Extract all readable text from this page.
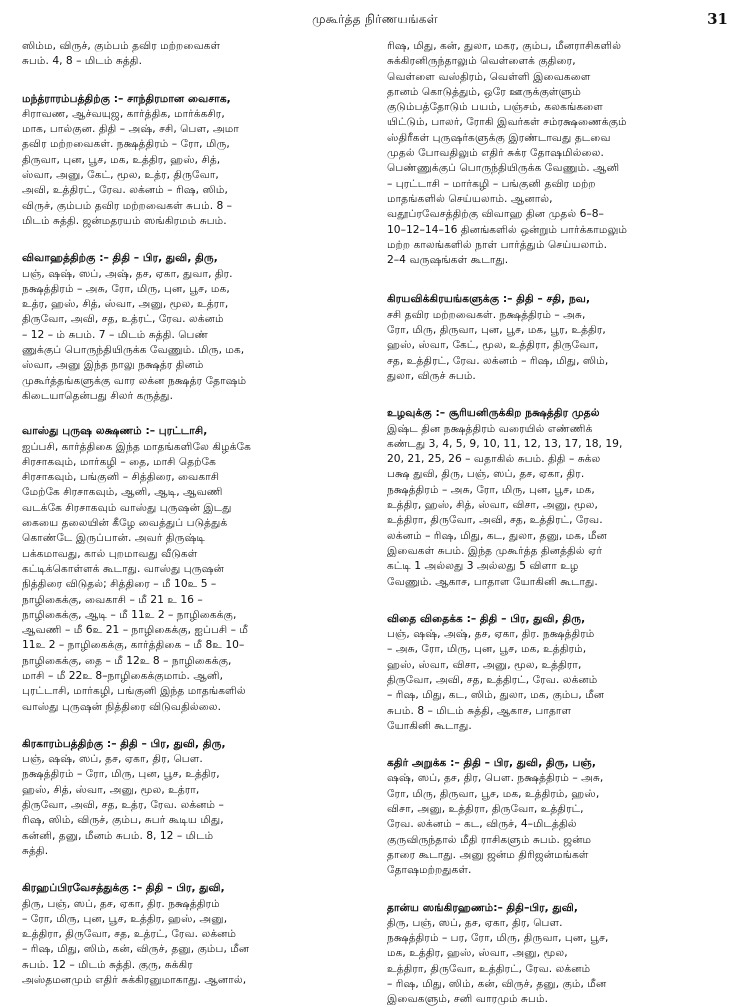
முகூர்த்த நிர்ணயங்கள்	31
ஸிம்ம, விருச், கும்பம் தவிர மற்றவைகள்
சுபம். 4, 8 – மிடம் சுத்தி.
மந்த்ராரம்பத்திற்கு :– சாந்திரமான வைசாக,
சிராவண, ஆச்வயுஜ, கார்த்திக, மார்க்கசிர,
மாக, பால்குன. திதி – அஷ், சசி, பௌ, அமா
தவிர மற்றவைகள். நக்ஷத்திரம் – ரோ, மிரு,
திருவா, புன, பூச, மக, உத்திர, ஹஸ், சித்,
ஸ்வா, அனு, கேட், மூல, உத்ர, திருவோ,
அவி, உத்திரட், ரேவ. லக்னம் – ரிஷ, ஸிம்,
விருச், கும்பம் தவிர மற்றவைகள் சுபம். 8 –
மிடம் சுத்தி. ஜன்மதரயம் ஸங்கிரமம் சுபம்.
விவாஹத்திற்கு :– திதி – பிர, துவி, திரு,
பஞ், ஷஷ், ஸப், அஷ், தச, ஏகா, துவா, திர.
நக்ஷத்திரம் – அசு, ரோ, மிரு, புன, பூச, மக,
உத்ர, ஹஸ், சித், ஸ்வா, அனு, மூல, உத்ரா,
திருவோ, அவி, சத, உத்ரட், ரேவ. லக்னம்
– 12 – ம் சுபம். 7 – மிடம் சுத்தி. பெண்
ணுக்குப் பொருந்தியிருக்க வேணும். மிரு, மக,
ஸ்வா, அனு இந்த நாலு நக்ஷத்ர தினம்
முகூர்த்தங்களுக்கு வார லக்ன நக்ஷத்ர தோஷம்
கிடையாதென்பது சிலர் கருத்து.
வாஸ்து புருஷ லக்ஷணம் :– புரட்டாசி,
ஐப்பசி, கார்த்திகை இந்த மாதங்களிலே கிழக்கே
சிரசாகவும், மார்கழி – தை, மாசி தெற்கே
சிரசாகவும், பங்குனி – சித்திரை, வைகாசி
மேற்கே சிரசாகவும், ஆனி, ஆடி, ஆவணி
வடக்கே சிரசாகவும் வாஸ்து புருஷன் இடது
கையை தலையின் கீழே வைத்துப் படுத்துக்
கொண்டே இருப்பான். அவர் திருஷ்டி
பக்கமாவது, கால் புறமாவது வீடுகள்
கட்டிக்கொள்ளக் கூடாது. வாஸ்து புருஷன்
நித்திரை விடுதல்; சித்திரை – மீ 10உ 5 –
நாழிகைக்கு, வைகாசி – மீ 21 உ 16 –
நாழிகைக்கு, ஆடி – மீ 11உ 2 – நாழிகைக்கு,
ஆவணி – மீ 6உ 21 – நாழிகைக்கு, ஐப்பசி – மீ
11உ 2 – நாழிகைக்கு, கார்த்திகை – மீ 8உ 10–
நாழிகைக்கு, தை – மீ 12உ 8 – நாழிகைக்கு,
மாசி – மீ 22உ 8–நாழிகைக்குமாம். ஆனி,
புரட்டாசி, மார்கழி, பங்குனி இந்த மாதங்களில்
வாஸ்து புருஷன் நித்திரை விடுவதில்லை.
கிரகாரம்பத்திற்கு :– திதி – பிர, துவி, திரு,
பஞ், ஷஷ், ஸப், தச, ஏகா, திர, பௌ.
நக்ஷத்திரம் – ரோ, மிரு, புன, பூச, உத்திர,
ஹஸ், சித், ஸ்வா, அனு, மூல, உத்ரா,
திருவோ, அவி, சத, உத்ர, ரேவ. லக்னம் –
ரிஷ, ஸிம், விருச், கும்ப, சுபர் கூடிய மிது,
கன்னி, தனு, மீனம் சுபம். 8, 12 – மிடம்
சுத்தி.
கிரஹப்பிரவேசத்துக்கு :– திதி – பிர, துவி,
திரு, பஞ், ஸப், தச, ஏகா, திர. நக்ஷத்திரம்
– ரோ, மிரு, புன, பூச, உத்திர, ஹஸ், அனு,
உத்திரா, திருவோ, சத, உத்ரட், ரேவ. லக்னம்
– ரிஷ, மிது, ஸிம், கன், விருச், தனு, கும்ப, மீன
சுபம். 12 – மிடம் சுத்தி. குரு, சுக்கிர
அஸ்தமனமும் எதிர் சுக்கிரனுமாகாது. ஆனால்,
ரிஷ, மிது, கன், துலா, மகர, கும்ப, மீனராசிகளில்
சுக்கிரனிருந்தாலும் வெள்ளைக் குதிரை,
வெள்ளை வஸ்திரம், வெள்ளி இவைகளை
தானம் கொடுத்தும், ஒரே ஊருக்குள்ளும்
குடும்பத்தோடும் பயம், பஞ்சம், கலகங்களை
யிட்டும், பாலர், ரோகி இவர்கள் சம்ரக்ஷணைக்கும்
ஸ்திரீகள் புருஷர்களுக்கு இரண்டாவது தடவை
முதல் போவதிலும் எதிர் சுக்ர தோஷமில்லை.
பெண்ணுக்குப் பொருந்தியிருக்க வேணும். ஆனி
– புரட்டாசி – மார்கழி – பங்குனி தவிர மற்ற
மாதங்களில் செய்யலாம். ஆனால்,
வதூப்ரவேசத்திற்கு விவாஹ தின முதல் 6–8–
10–12–14–16 தினங்களில் ஒன்றும் பார்க்காமலும்
மற்ற காலங்களில் நாள் பார்த்தும் செய்யலாம்.
2–4 வருஷங்கள் கூடாது.
கிரயவிக்கிரயங்களுக்கு :– திதி – சதி, நவ,
சசி தவிர மற்றவைகள். நக்ஷத்திரம் – அசு,
ரோ, மிரு, திருவா, புன, பூச, மக, பூர, உத்திர,
ஹஸ், ஸ்வா, கேட், மூல, உத்திரா, திருவோ,
சத, உத்திரட், ரேவ. லக்னம் – ரிஷ, மிது, ஸிம்,
துலா, விருச் சுபம்.
உழவுக்கு :– சூரியனிருக்கிற நக்ஷத்திர முதல்
இஷ்ட தின நக்ஷத்திரம் வரையில் எண்ணிக்
கண்டது 3, 4, 5, 9, 10, 11, 12, 13, 17, 18, 19,
20, 21, 25, 26 – வதாகில் சுபம். திதி – சுக்ல
பக்ஷ துவி, திரு, பஞ், ஸப், தச, ஏகா, திர.
நக்ஷத்திரம் – அசு, ரோ, மிரு, புன, பூச, மக,
உத்திர, ஹஸ், சித், ஸ்வா, விசா, அனு, மூல,
உத்திரா, திருவோ, அவி, சத, உத்திரட், ரேவ.
லக்னம் – ரிஷ, மிது, கட, துலா, தனு, மக, மீன
இவைகள் சுபம். இந்த முகூர்த்த தினத்தில் ஏர்
கட்டி 1 அல்லது 3 அல்லது 5 விளா உழ
வேணும். ஆகாச, பாதாள யோகினி கூடாது.
விதை விதைக்க :– திதி – பிர, துவி, திரு,
பஞ், ஷஷ், அஷ், தச, ஏகா, திர. நக்ஷத்திரம்
– அசு, ரோ, மிரு, புன, பூச, மக, உத்திரம்,
ஹஸ், ஸ்வா, விசா, அனு, மூல, உத்திரா,
திருவோ, அவி, சத, உத்திரட், ரேவ. லக்னம்
– ரிஷ, மிது, கட, ஸிம், துலா, மக, கும்ப, மீன
சுபம். 8 – மிடம் சுத்தி, ஆகாச, பாதாள
யோகினி கூடாது.
கதிர் அறுக்க :– திதி – பிர, துவி, திரு, பஞ்,
ஷஷ், ஸப், தச, திர, பௌ. நக்ஷத்திரம் – அசு,
ரோ, மிரு, திருவா, பூச, மக, உத்திரம், ஹஸ்,
விசா, அனு, உத்திரா, திருவோ, உத்திரட்,
ரேவ. லக்னம் – கட, விருச், 4–மிடத்தில்
குருவிருந்தால் மீதி ராசிகளும் சுபம். ஜன்ம
தாரை கூடாது. அனு ஜன்ம திரிஜன்மங்கள்
தோஷமற்றதுகள்.
தான்ய ஸங்கிரஹணம்:– திதி–பிர, துவி,
திரு, பஞ், ஸப், தச, ஏகா, திர, பௌ.
நக்ஷத்திரம் – பர, ரோ, மிரு, திருவா, புன, பூச,
மக, உத்திர, ஹஸ், ஸ்வா, அனு, மூல,
உத்திரா, திருவோ, உத்திரட், ரேவ. லக்னம்
– ரிஷ, மிது, ஸிம், கன், விருச், தனு, கும், மீன
இவைகளும், சனி வாரமும் சுபம்.
